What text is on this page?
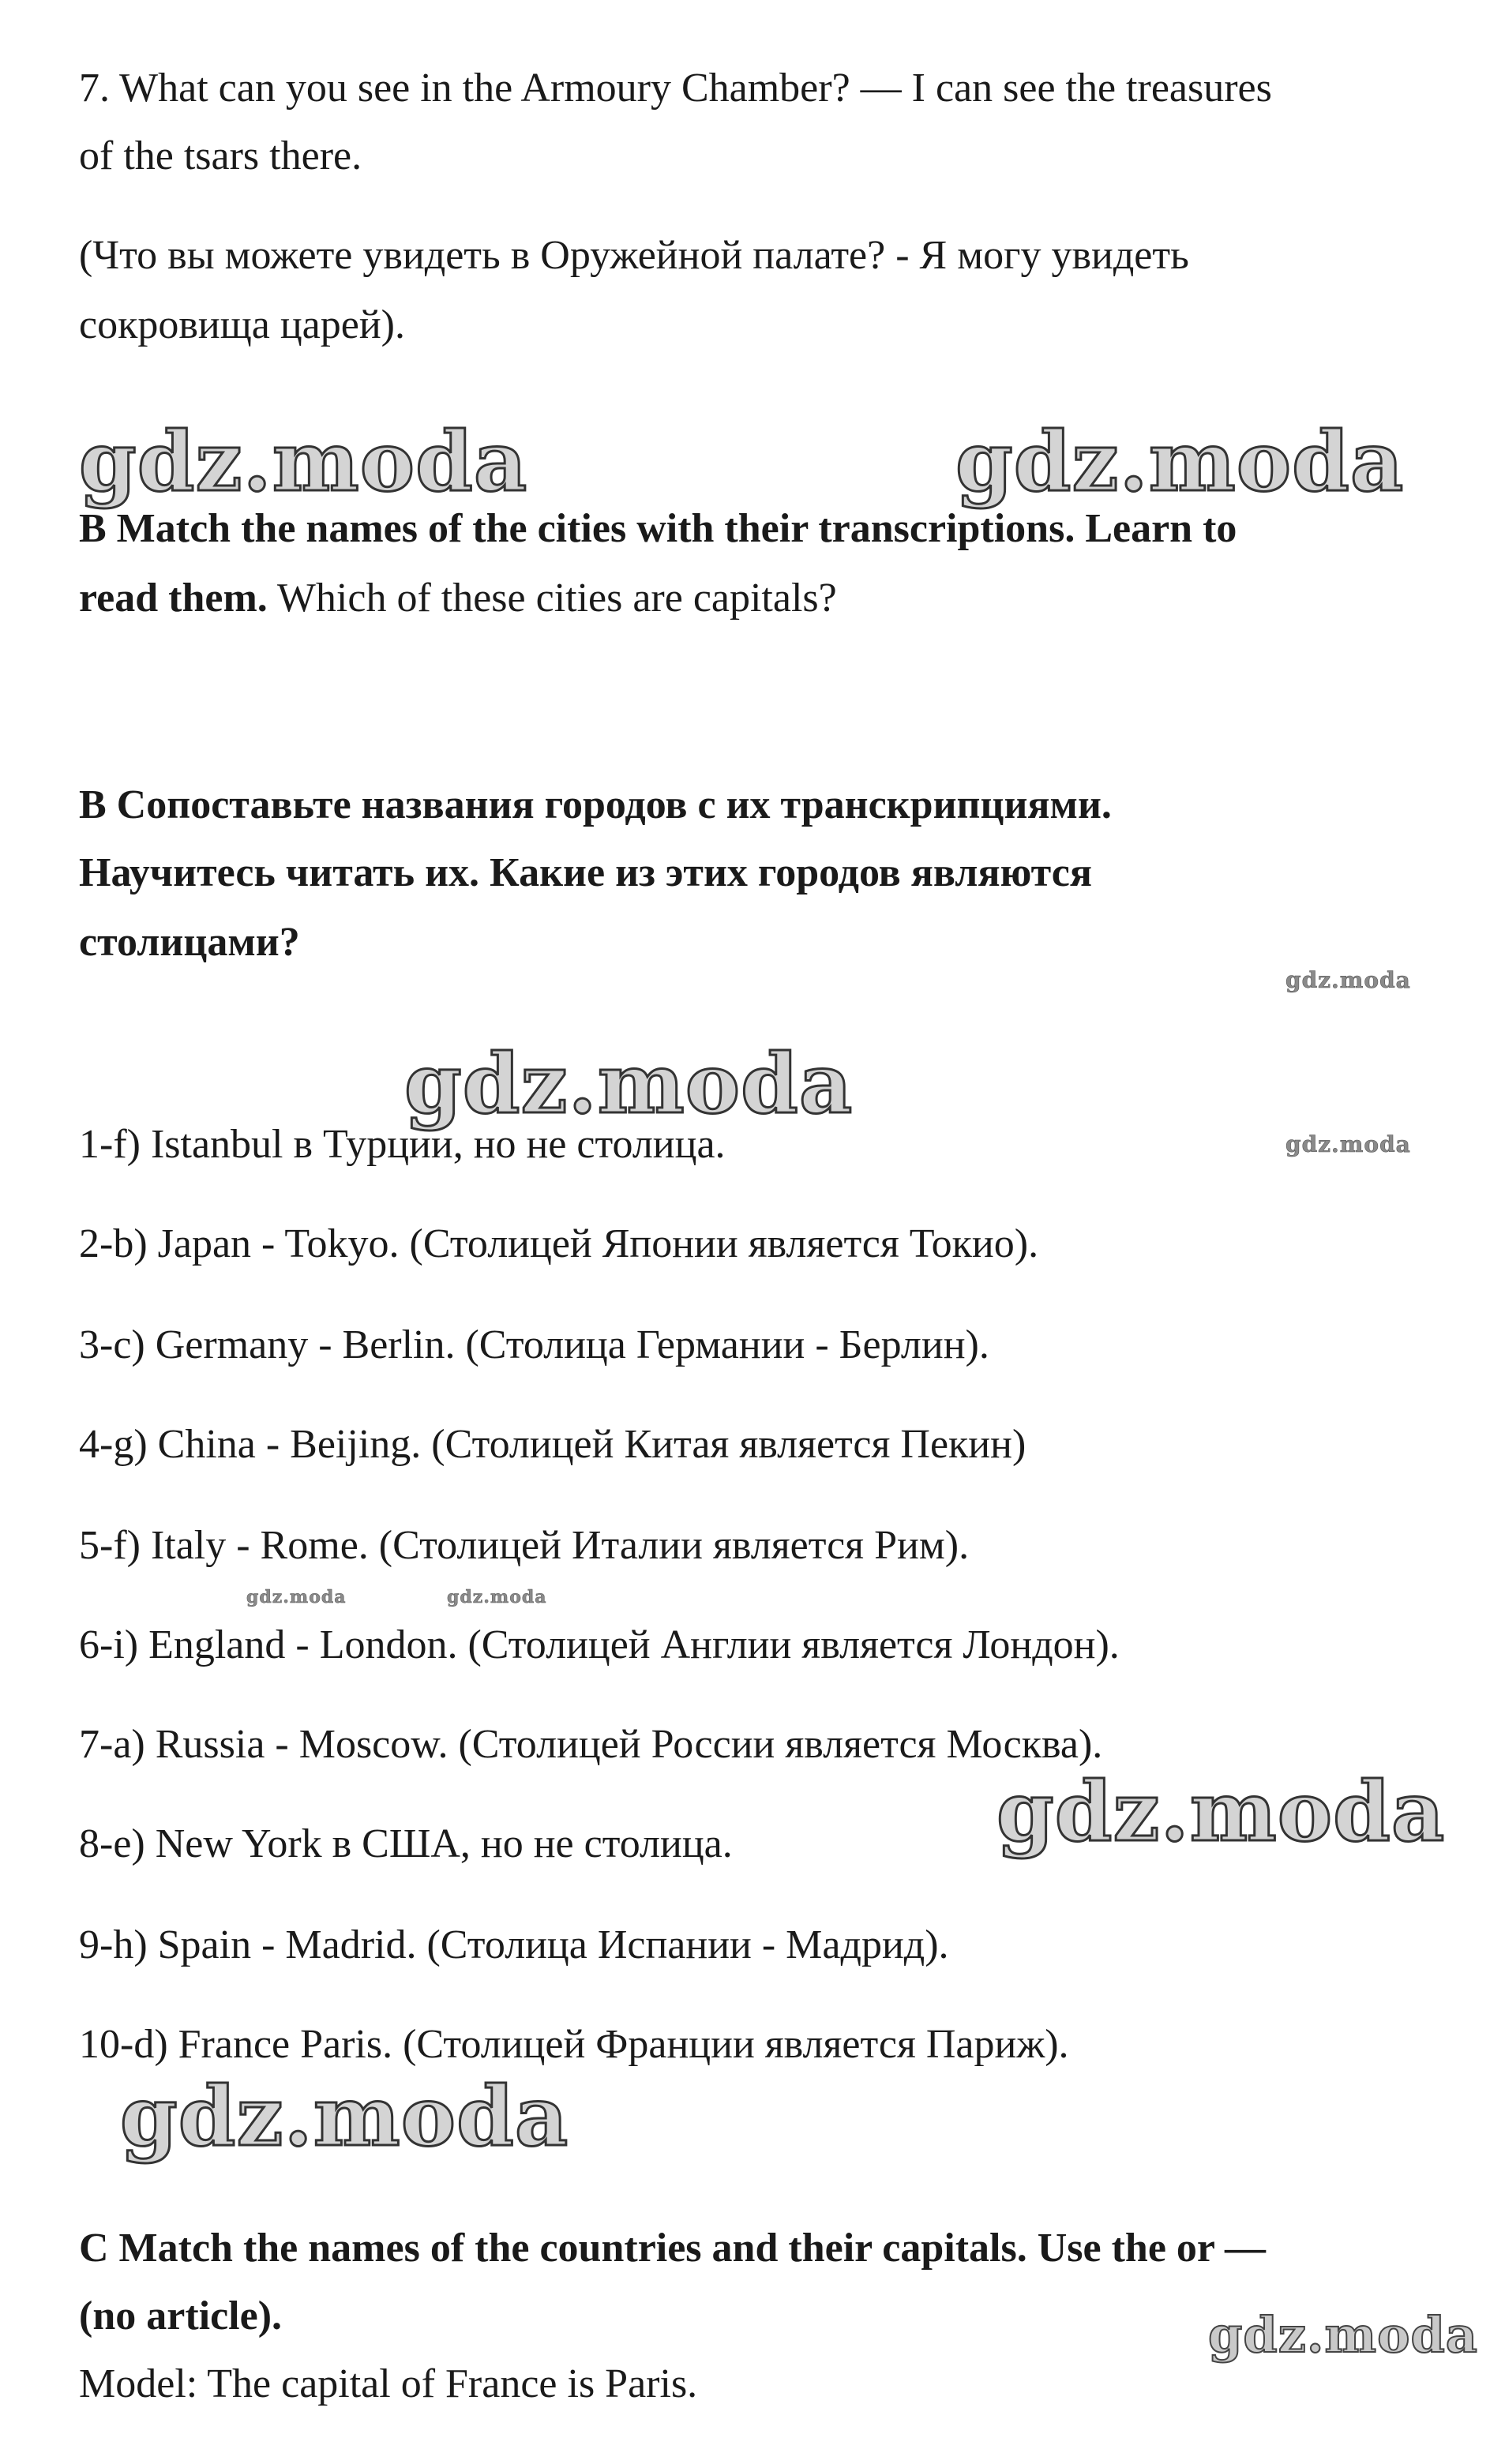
7. What can you see in the Armoury Chamber? — I can see the treasures
of the tsars there.
(Что вы можете увидеть в Оружейной палате? - Я могу увидеть
сокровища царей).
gdz.moda	gdz.moda
B Match the names of the cities with their transcriptions. Learn to
read them. Which of these cities are capitals?
В Сопоставьте названия городов с их транскрипциями.
Научитесь читать их. Какие из этих городов являются
столицами?
gdz.moda
gdz.moda
1-f) Istanbul в Турции, но не столица.	gdz.moda
2-b) Japan - Tokyo. (Столицей Японии является Токио).
3-c) Germany - Berlin. (Столица Германии - Берлин).
4-g) China - Beijing. (Столицей Китая является Пекин)
5-f) Italy - Rome. (Столицей Италии является Рим).
gdz.moda	gdz.moda
6-i) England - London. (Столицей Англии является Лондон).
7-a) Russia - Moscow. (Столицей России является Москва).
gdz.moda
8-e) New York в США, но не столица.
9-h) Spain - Madrid. (Столица Испании - Мадрид).
10-d) France Paris. (Столицей Франции является Париж).
gdz.moda
C Match the names of the countries and their capitals. Use the or —
(no article).	gdz.moda
Model: The capital of France is Paris.
